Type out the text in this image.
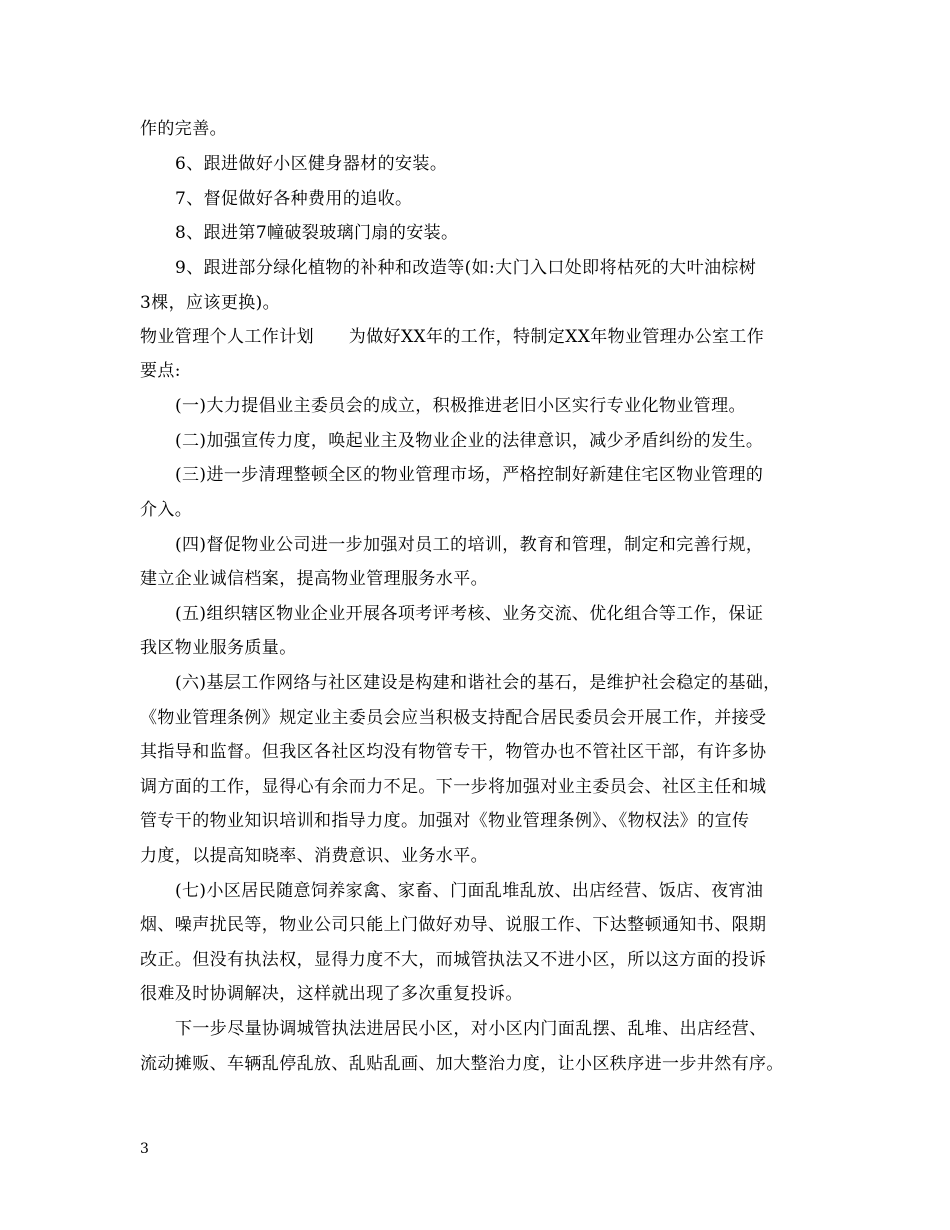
作的完善。
6、跟进做好小区健身器材的安装。
7、督促做好各种费用的追收。
8、跟进第7幢破裂玻璃门扇的安装。
9、跟进部分绿化植物的补种和改造等(如:大门入口处即将枯死的大叶油棕树
3棵，应该更换)。
物业管理个人工作计划　　为做好XX年的工作，特制定XX年物业管理办公室工作
要点:
(一)大力提倡业主委员会的成立，积极推进老旧小区实行专业化物业管理。
(二)加强宣传力度，唤起业主及物业企业的法律意识，减少矛盾纠纷的发生。
(三)进一步清理整顿全区的物业管理市场，严格控制好新建住宅区物业管理的
介入。
(四)督促物业公司进一步加强对员工的培训，教育和管理，制定和完善行规，
建立企业诚信档案，提高物业管理服务水平。
(五)组织辖区物业企业开展各项考评考核、业务交流、优化组合等工作，保证
我区物业服务质量。
(六)基层工作网络与社区建设是构建和谐社会的基石，是维护社会稳定的基础，
《物业管理条例》规定业主委员会应当积极支持配合居民委员会开展工作，并接受
其指导和监督。但我区各社区均没有物管专干，物管办也不管社区干部，有许多协
调方面的工作，显得心有余而力不足。下一步将加强对业主委员会、社区主任和城
管专干的物业知识培训和指导力度。加强对《物业管理条例》、《物权法》的宣传
力度，以提高知晓率、消费意识、业务水平。
(七)小区居民随意饲养家禽、家畜、门面乱堆乱放、出店经营、饭店、夜宵油
烟、噪声扰民等，物业公司只能上门做好劝导、说服工作、下达整顿通知书、限期
改正。但没有执法权，显得力度不大，而城管执法又不进小区，所以这方面的投诉
很难及时协调解决，这样就出现了多次重复投诉。
下一步尽量协调城管执法进居民小区，对小区内门面乱摆、乱堆、出店经营、
流动摊贩、车辆乱停乱放、乱贴乱画、加大整治力度，让小区秩序进一步井然有序。
3
